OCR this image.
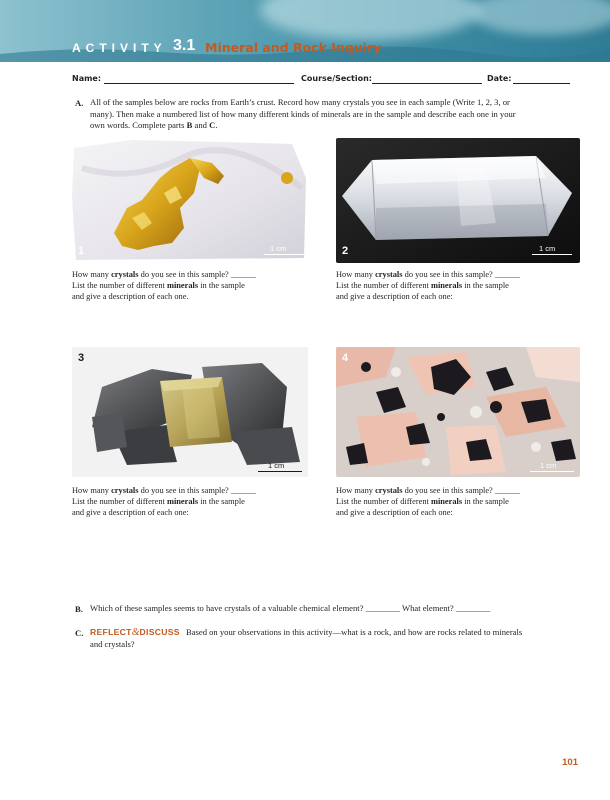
ACTIVITY 3.1 Mineral and Rock Inquiry
Name:	Course/Section:	Date:
A. All of the samples below are rocks from Earth’s crust. Record how many crystals you see in each sample (Write 1, 2, 3, or
many). Then make a numbered list of how many different kinds of minerals are in the sample and describe each one in your
own words. Complete parts B and C.
1	1 cm	2	1 cm
How many crystals do you see in this sample? ______
List the number of different minerals in the sample
and give a description of each one.
How many crystals do you see in this sample? ______
List the number of different minerals in the sample
and give a description of each one:
3
1 cm
4
1 cm
How many crystals do you see in this sample? ______
List the number of different minerals in the sample
and give a description of each one:
How many crystals do you see in this sample? ______
List the number of different minerals in the sample
and give a description of each one:
B. Which of these samples seems to have crystals of a valuable chemical element? ________ What element? ________
C. REFLECT&DISCUSS Based on your observations in this activity—what is a rock, and how are rocks related to minerals
and crystals?
101
